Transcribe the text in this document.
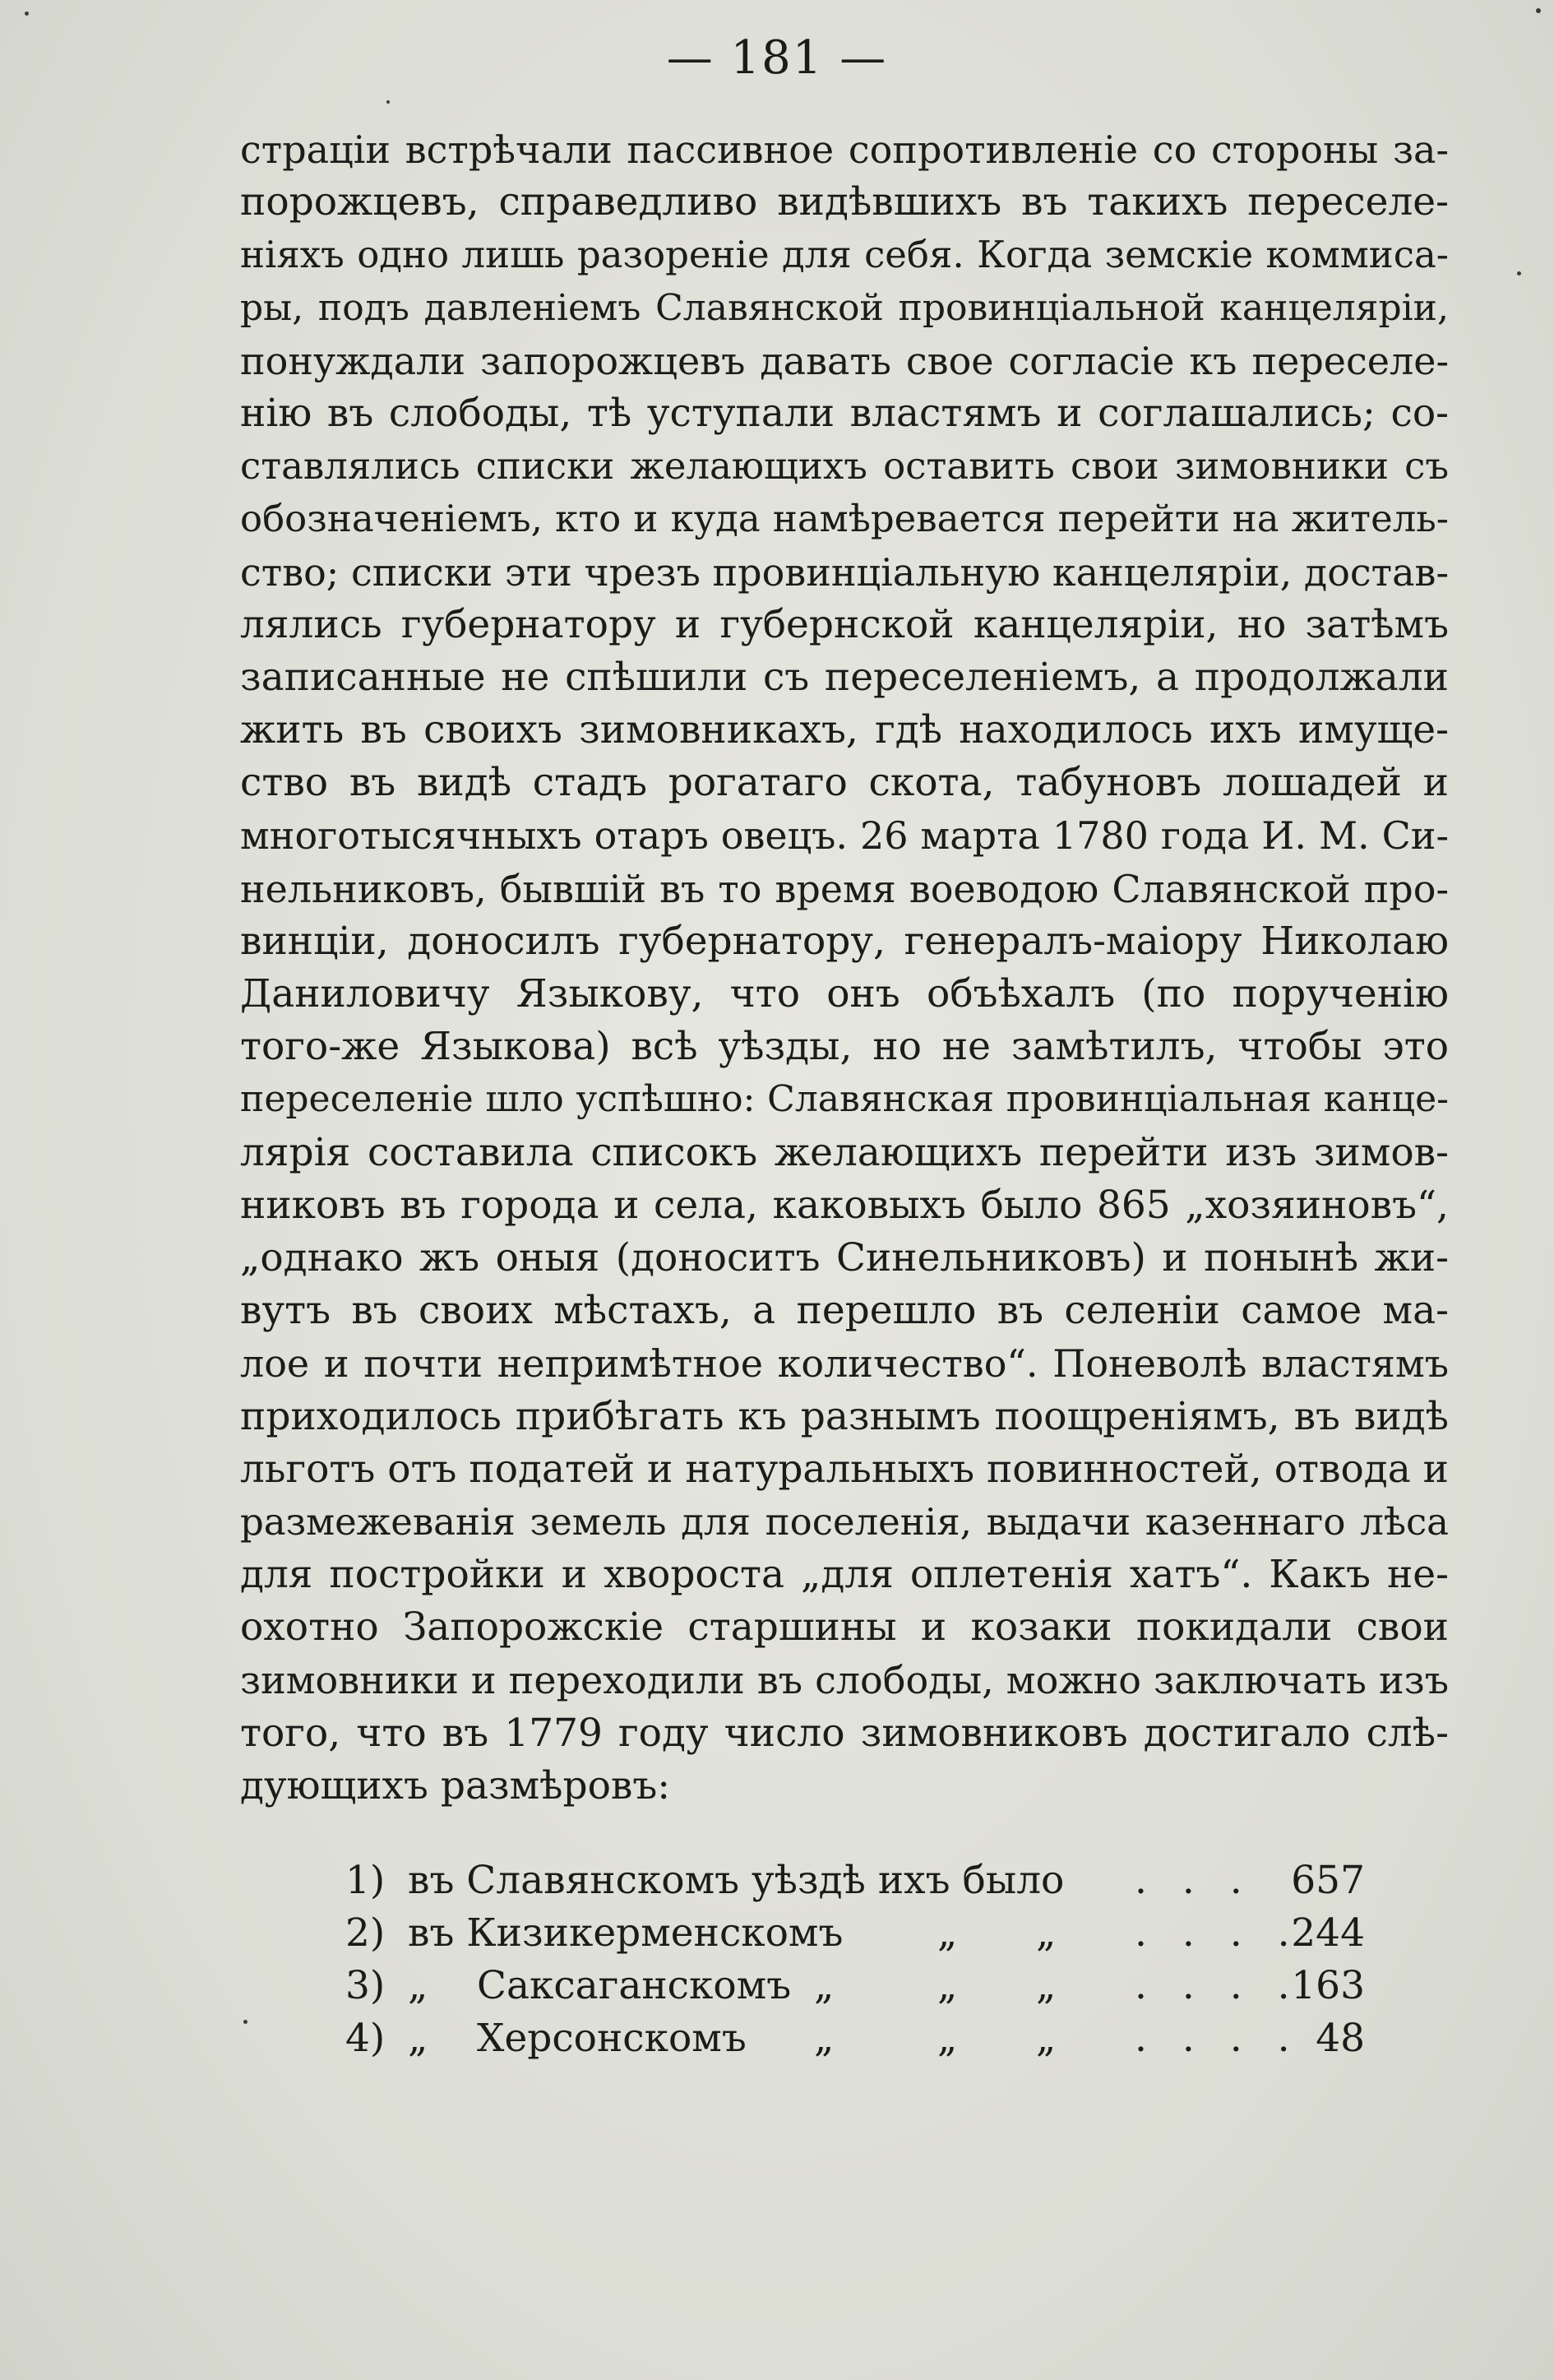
— 181 —
страціи встрѣчали пассивное сопротивленіе со стороны за-
порожцевъ, справедливо видѣвшихъ въ такихъ переселе-
ніяхъ одно лишь разореніе для себя. Когда земскіе коммиса-
ры, подъ давленіемъ Славянской провинціальной канцеляріи,
понуждали запорожцевъ давать свое согласіе къ переселе-
нію въ слободы, тѣ уступали властямъ и соглашались; со-
ставлялись списки желающихъ оставить свои зимовники съ
обозначеніемъ, кто и куда намѣревается перейти на житель-
ство; списки эти чрезъ провинціальную канцеляріи, достав-
лялись губернатору и губернской канцеляріи, но затѣмъ
записанные не спѣшили съ переселеніемъ, а продолжали
жить въ своихъ зимовникахъ, гдѣ находилось ихъ имуще-
ство въ видѣ стадъ рогатаго скота, табуновъ лошадей и
многотысячныхъ отаръ овецъ. 26 марта 1780 года И. М. Си-
нельниковъ, бывшій въ то время воеводою Славянской про-
винціи, доносилъ губернатору, генералъ-маіору Николаю
Даниловичу Языкову, что онъ объѣхалъ (по порученію
того-же Языкова) всѣ уѣзды, но не замѣтилъ, чтобы это
переселеніе шло успѣшно: Славянская провинціальная канце-
лярія составила списокъ желающихъ перейти изъ зимов-
никовъ въ города и села, каковыхъ было 865 „хозяиновъ“,
„однако жъ оныя (доноситъ Синельниковъ) и понынѣ жи-
вутъ въ своих мѣстахъ, а перешло въ селеніи самое ма-
лое и почти непримѣтное количество“. Поневолѣ властямъ
приходилось прибѣгать къ разнымъ поощреніямъ, въ видѣ
льготъ отъ податей и натуральныхъ повинностей, отвода и
размежеванія земель для поселенія, выдачи казеннаго лѣса
для постройки и хвороста „для оплетенія хатъ“. Какъ не-
охотно Запорожскіе старшины и козаки покидали свои
зимовники и переходили въ слободы, можно заключать изъ
того, что въ 1779 году число зимовниковъ достигало слѣ-
дующихъ размѣровъ:
1) въ Славянскомъ уѣздѣ ихъ было . . . 657
2) въ Кизикерменскомъ „ „ . . . .
244
3) „ Саксаганскомъ „	„ „ . . . .
163
4) „ Херсонскомъ „	„ „ . . . . 48
